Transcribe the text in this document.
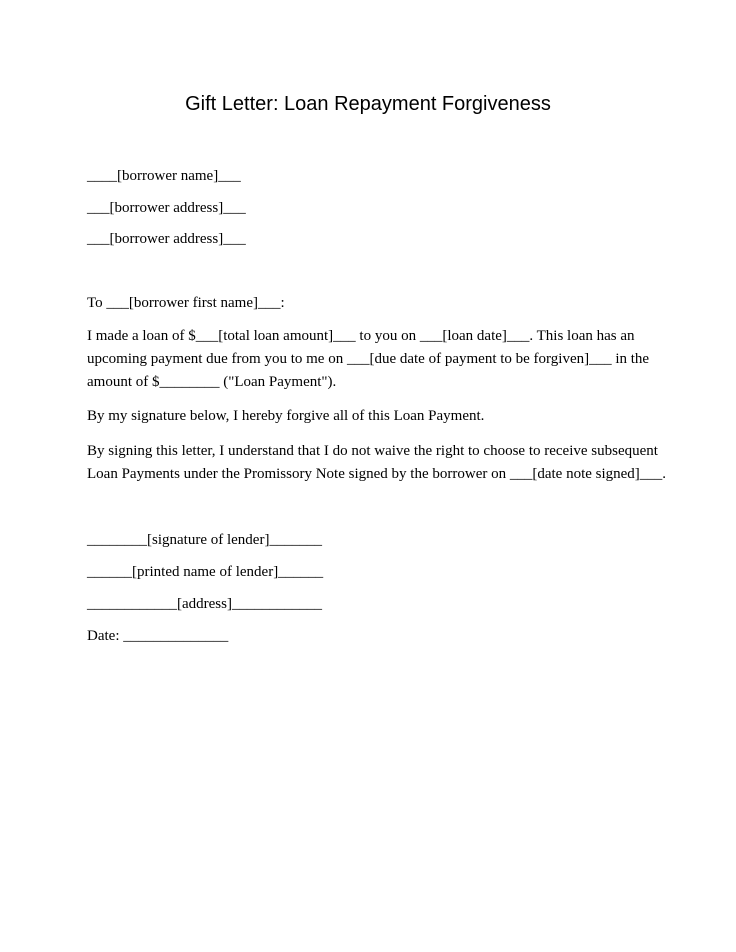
Gift Letter: Loan Repayment Forgiveness
____[borrower name]___
___[borrower address]___
___[borrower address]___
To ___[borrower first name]___:
I made a loan of $___[total loan amount]___ to you on ___[loan date]___. This loan has an
upcoming payment due from you to me on ___[due date of payment to be forgiven]___ in the
amount of $________ ("Loan Payment").
By my signature below, I hereby forgive all of this Loan Payment.
By signing this letter, I understand that I do not waive the right to choose to receive subsequent
Loan Payments under the Promissory Note signed by the borrower on ___[date note signed]___.
________[signature of lender]_______
______[printed name of lender]______
____________[address]____________
Date: ______________
